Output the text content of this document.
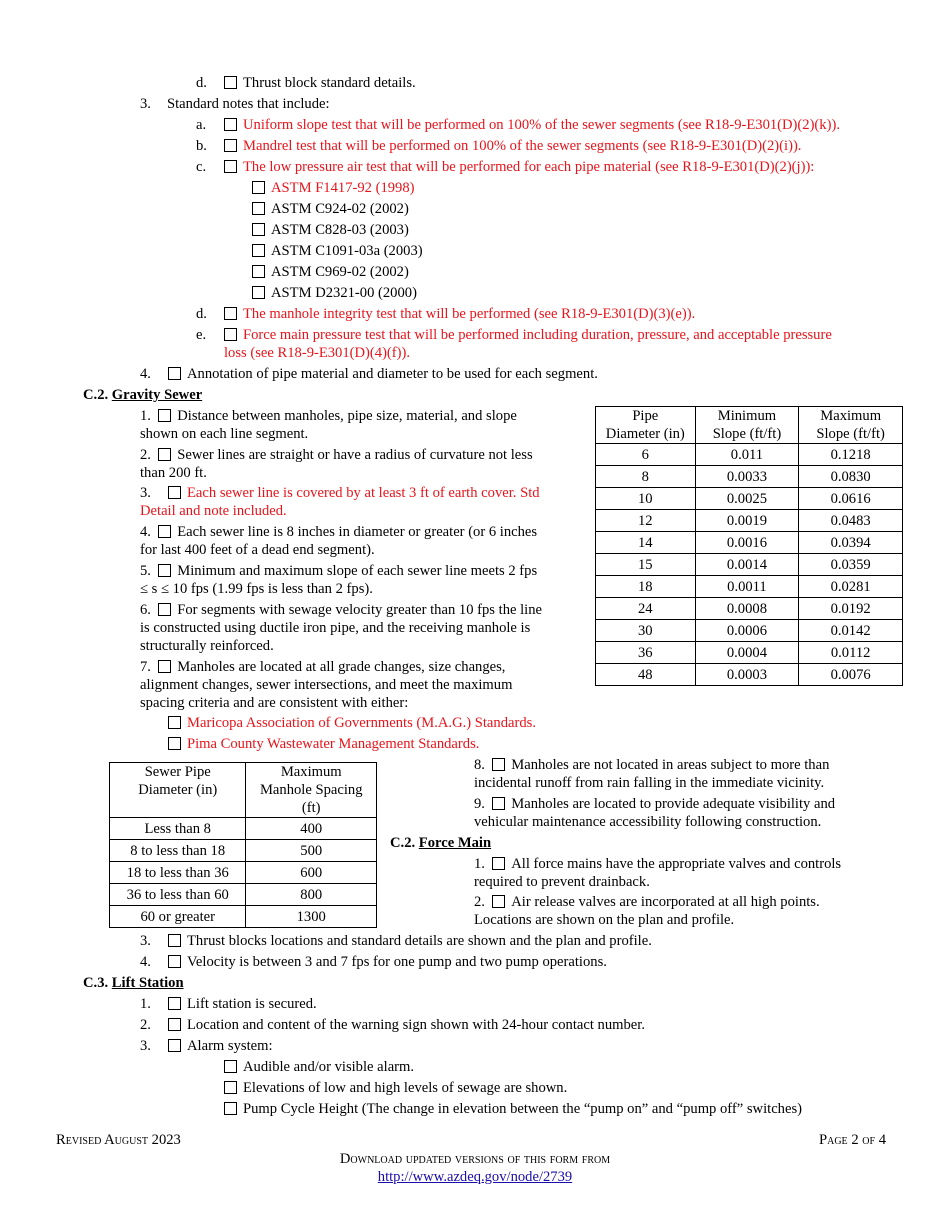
d.	Thrust block standard details.
3. Standard notes that include:
a.	Uniform slope test that will be performed on 100% of the sewer segments (see R18-9-E301(D)(2)(k)).
b.	Mandrel test that will be performed on 100% of the sewer segments (see R18-9-E301(D)(2)(i)).
c.	The low pressure air test that will be performed for each pipe material (see R18-9-E301(D)(2)(j)):
ASTM F1417-92 (1998)
ASTM C924-02 (2002)
ASTM C828-03 (2003)
ASTM C1091-03a (2003)
ASTM C969-02 (2002)
ASTM D2321-00 (2000)
d.	The manhole integrity test that will be performed (see R18-9-E301(D)(3)(e)).
e.	Force main pressure test that will be performed including duration, pressure, and acceptable pressure
loss (see R18-9-E301(D)(4)(f)).
4.	Annotation of pipe material and diameter to be used for each segment.
C.2. Gravity Sewer
1. Distance between manholes, pipe size, material, and slope
shown on each line segment.
2. Sewer lines are straight or have a radius of curvature not less
than 200 ft.
3.	Each sewer line is covered by at least 3 ft of earth cover. Std
Detail and note included.
4. Each sewer line is 8 inches in diameter or greater (or 6 inches
for last 400 feet of a dead end segment).
5. Minimum and maximum slope of each sewer line meets 2 fps
≤ s ≤ 10 fps (1.99 fps is less than 2 fps).
6. For segments with sewage velocity greater than 10 fps the line
is constructed using ductile iron pipe, and the receiving manhole is
structurally reinforced.
7. Manholes are located at all grade changes, size changes,
alignment changes, sewer intersections, and meet the maximum
spacing criteria and are consistent with either:
Maricopa Association of Governments (M.A.G.) Standards.
Pima County Wastewater Management Standards.
Pipe
Diameter (in)	Minimum
Slope (ft/ft)	Maximum
Slope (ft/ft)
6	0.011	0.1218
8	0.0033	0.0830
10	0.0025	0.0616
12	0.0019	0.0483
14	0.0016	0.0394
15	0.0014	0.0359
18	0.0011	0.0281
24	0.0008	0.0192
30	0.0006	0.0142
36	0.0004	0.0112
48	0.0003	0.0076
Sewer Pipe
Diameter (in)	Maximum
Manhole Spacing
(ft)
Less than 8	400
8 to less than 18	500
18 to less than 36	600
36 to less than 60	800
60 or greater	1300
8. Manholes are not located in areas subject to more than
incidental runoff from rain falling in the immediate vicinity.
9. Manholes are located to provide adequate visibility and
vehicular maintenance accessibility following construction.
C.2. Force Main
1. All force mains have the appropriate valves and controls
required to prevent drainback.
2. Air release valves are incorporated at all high points.
Locations are shown on the plan and profile.
3.	Thrust blocks locations and standard details are shown and the plan and profile.
4.	Velocity is between 3 and 7 fps for one pump and two pump operations.
C.3. Lift Station
1.	Lift station is secured.
2.	Location and content of the warning sign shown with 24-hour contact number.
3.	Alarm system:
Audible and/or visible alarm.
Elevations of low and high levels of sewage are shown.
Pump Cycle Height (The change in elevation between the “pump on” and “pump off” switches)
Revised August 2023	Page 2 of 4
Download updated versions of this form from
http://www.azdeq.gov/node/2739
